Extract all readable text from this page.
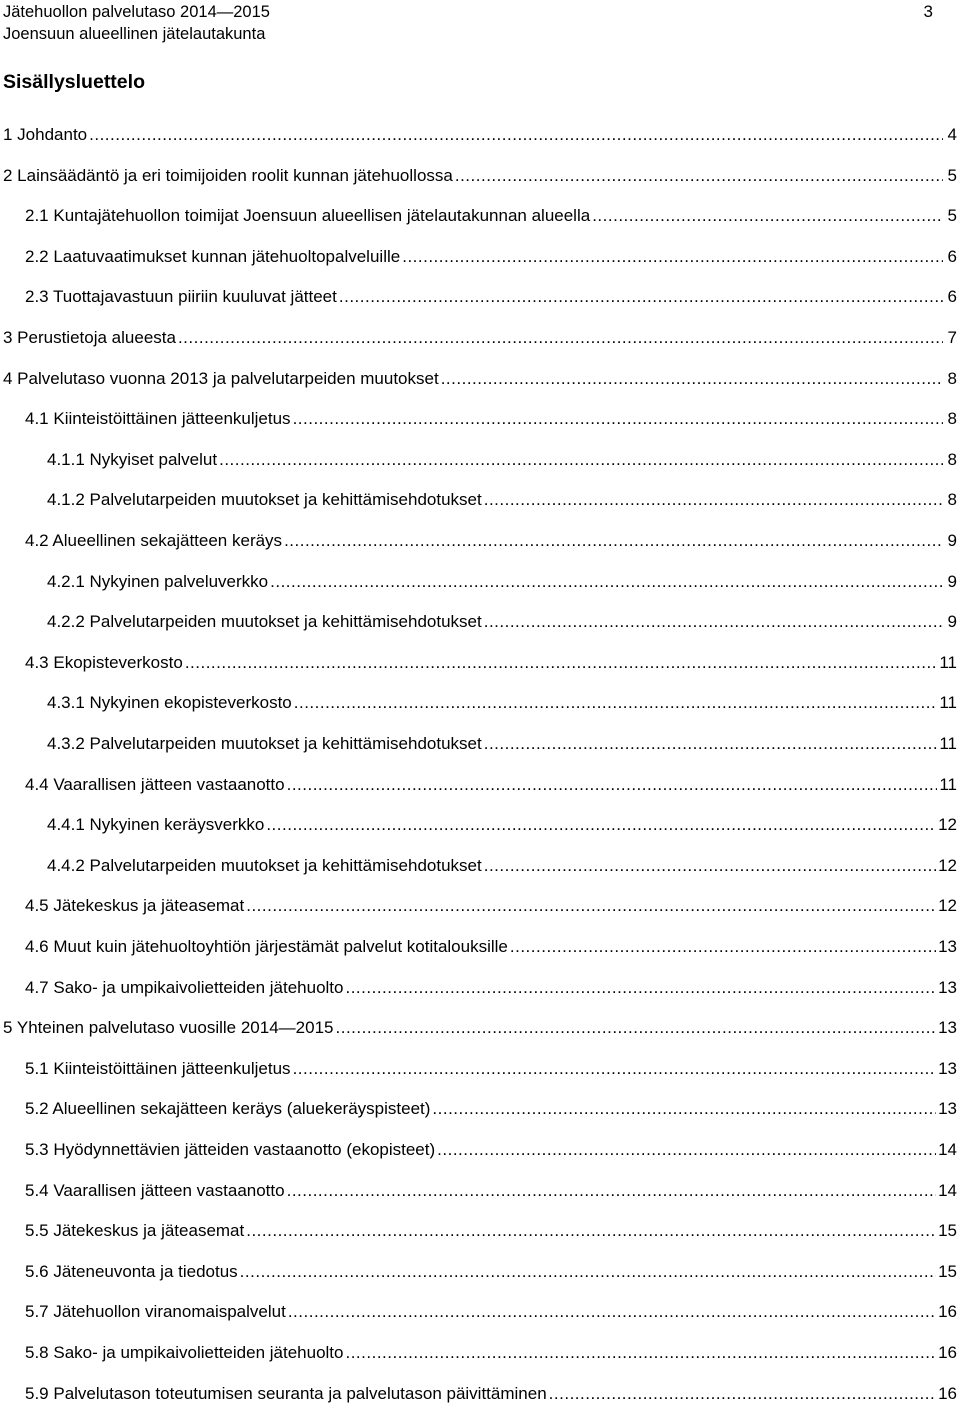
Jätehuollon palvelutaso 2014—2015
Joensuun alueellinen jätelautakunta
3
Sisällysluettelo
1 Johdanto .....	4
2 Lainsäädäntö ja eri toimijoiden roolit kunnan jätehuollossa .....	5
2.1 Kuntajätehuollon toimijat Joensuun alueellisen jätelautakunnan alueella .....	5
2.2 Laatuvaatimukset kunnan jätehuoltopalveluille .....	6
2.3 Tuottajavastuun piiriin kuuluvat jätteet .....	6
3 Perustietoja alueesta .....	7
4 Palvelutaso vuonna 2013 ja palvelutarpeiden muutokset .....	8
4.1 Kiinteistöittäinen jätteenkuljetus .....	8
4.1.1 Nykyiset palvelut .....	8
4.1.2 Palvelutarpeiden muutokset ja kehittämisehdotukset .....	8
4.2 Alueellinen sekajätteen keräys .....	9
4.2.1 Nykyinen palveluverkko .....	9
4.2.2 Palvelutarpeiden muutokset ja kehittämisehdotukset .....	9
4.3 Ekopisteverkosto .....	11
4.3.1 Nykyinen ekopisteverkosto .....	11
4.3.2 Palvelutarpeiden muutokset ja kehittämisehdotukset .....	11
4.4 Vaarallisen jätteen vastaanotto .....	11
4.4.1 Nykyinen keräysverkko .....	12
4.4.2 Palvelutarpeiden muutokset ja kehittämisehdotukset .....	12
4.5 Jätekeskus ja jäteasemat .....	12
4.6 Muut kuin jätehuoltoyhtiön järjestämät palvelut kotitalouksille .....	13
4.7 Sako- ja umpikaivolietteiden jätehuolto .....	13
5 Yhteinen palvelutaso vuosille 2014—2015 .....	13
5.1 Kiinteistöittäinen jätteenkuljetus .....	13
5.2 Alueellinen sekajätteen keräys (aluekeräyspisteet) .....	13
5.3 Hyödynnettävien jätteiden vastaanotto (ekopisteet) .....	14
5.4 Vaarallisen jätteen vastaanotto .....	14
5.5 Jätekeskus ja jäteasemat .....	15
5.6 Jäteneuvonta ja tiedotus .....	15
5.7 Jätehuollon viranomaispalvelut .....	16
5.8 Sako- ja umpikaivolietteiden jätehuolto .....	16
5.9 Palvelutason toteutumisen seuranta ja palvelutason päivittäminen .....	16
